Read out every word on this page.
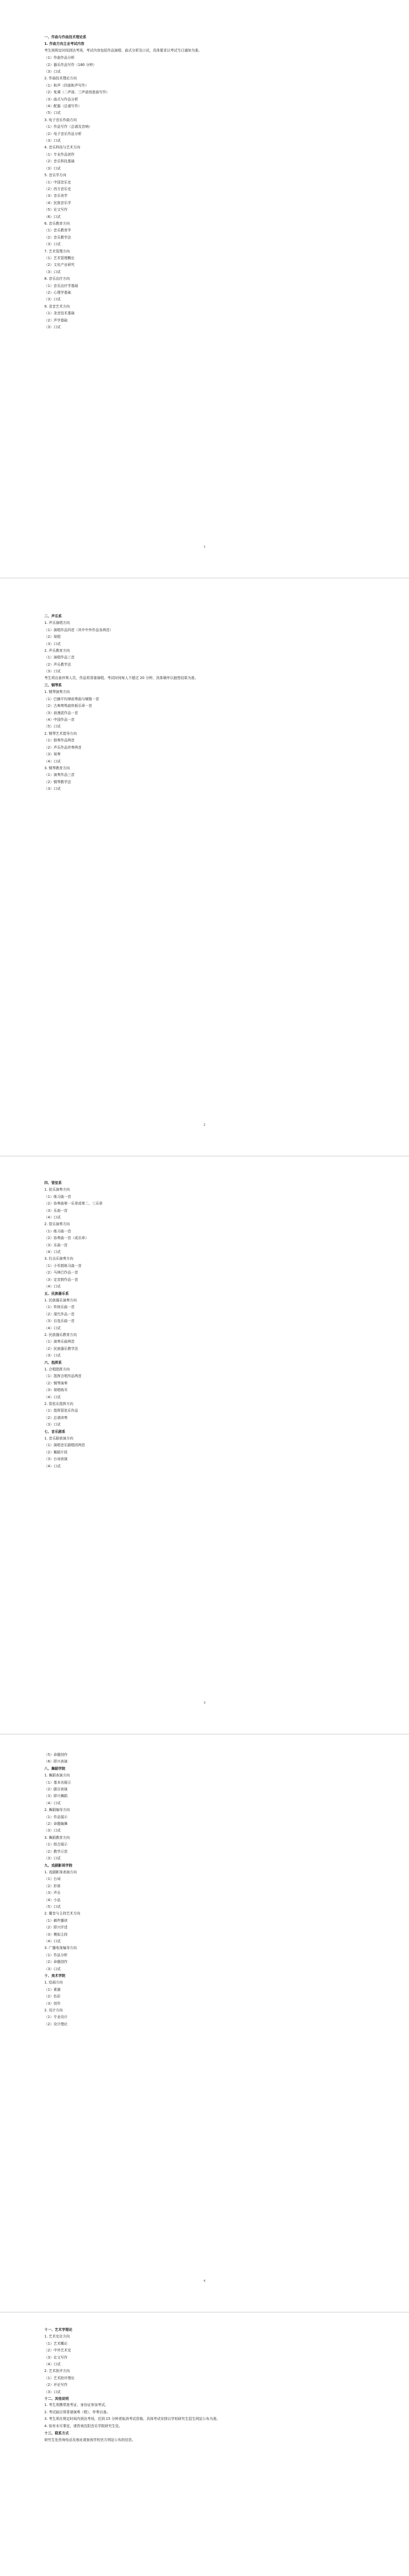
一、作曲与作曲技术理论系
1. 作曲方向主业考试内容
考生按规定时间到达考场，考试内容包括作品演唱、曲式分析及口试，具体要求以考试当日通知为准。
（1）作曲作品分析
（2）器乐作品写作（180 分钟）
（3）口试
2. 作曲技术理论方向
（1）和声（四部和声写作）
（2）复调（二声部、三声部创意曲写作）
（3）曲式与作品分析
（4）配器（总谱写作）
（5）口试
3. 电子音乐作曲方向
（1）作品写作（总谱及音响）
（2）电子音乐作品分析
（3）口试
4. 音乐科技与艺术方向
（1）专业作品创作
（2）音乐科技基础
（3）口试
5. 音乐学方向
（1）中国音乐史
（2）西方音乐史
（3）音乐美学
（4）民族音乐学
（5）论文写作
（6）口试
6. 音乐教育方向
（1）音乐教育学
（2）音乐教学法
（3）口试
7. 艺术管理方向
（1）艺术管理概论
（2）文化产业研究
（3）口试
8. 音乐治疗方向
（1）音乐治疗学基础
（2）心理学基础
（3）口试
9. 录音艺术方向
（1）录音技术基础
（2）声学基础
（3）口试
1
二、声乐系
1. 声乐演唱方向
（1）演唱作品四首（其中中外作品各两首）
（2）视唱
（3）口试
2. 声乐教育方向
（1）演唱作品三首
（2）声乐教学法
（3）口试
考生须自备伴奏人员，作品须背谱演唱。考试时间每人不超过 20 分钟，具体顺序以抽签结果为准。
三、钢琴系
1. 钢琴演奏方向
（1）巴赫平均律前奏曲与赋格一首
（2）古典奏鸣曲快板乐章一首
（3）浪漫派作品一首
（4）中国作品一首
（5）口试
2. 钢琴艺术指导方向
（1）独奏作品两首
（2）声乐作品伴奏两首
（3）视奏
（4）口试
3. 钢琴教育方向
（1）演奏作品三首
（2）钢琴教学法
（3）口试
2
四、管弦系
1. 弦乐演奏方向
（1）练习曲一首
（2）协奏曲第一乐章或第二、三乐章
（3）乐曲一首
（4）口试
2. 管乐演奏方向
（1）练习曲一首
（2）协奏曲一首（或乐章）
（3）乐曲一首
（4）口试
3. 打击乐演奏方向
（1）小军鼓练习曲一首
（2）马林巴作品一首
（3）定音鼓作品一首
（4）口试
五、民族器乐系
1. 民族器乐演奏方向
（1）传统乐曲一首
（2）现代作品一首
（3）自选乐曲一首
（4）口试
2. 民族器乐教育方向
（1）演奏乐曲两首
（2）民族器乐教学法
（3）口试
六、指挥系
1. 合唱指挥方向
（1）指挥合唱作品两首
（2）钢琴演奏
（3）视唱练耳
（4）口试
2. 管弦乐指挥方向
（1）指挥管弦乐作品
（2）总谱读奏
（3）口试
七、音乐剧系
1. 音乐剧表演方向
（1）演唱音乐剧唱段两首
（2）舞蹈片段
（3）台词表演
（4）口试
3
（5）命题创作
（6）即兴表演
八、舞蹈学院
1. 舞蹈表演方向
（1）基本功展示
（2）剧目表演
（3）即兴舞蹈
（4）口试
2. 舞蹈编导方向
（1）作品展示
（2）命题编舞
（3）口试
3. 舞蹈教育方向
（1）组合展示
（2）教学示范
（3）口试
九、戏剧影视学院
1. 戏剧影视表演方向
（1）台词
（2）形体
（3）声乐
（4）小品
（5）口试
2. 播音与主持艺术方向
（1）稿件播读
（2）即兴评述
（3）模拟主持
（4）口试
3. 广播电视编导方向
（1）作品分析
（2）命题创作
（3）口试
十、美术学院
1. 绘画方向
（1）素描
（2）色彩
（3）创作
2. 设计方向
（1）专业设计
（2）设计理论
4
十一、艺术学理论
1. 艺术史论方向
（1）艺术概论
（2）中外艺术史
（3）论文写作
（4）口试
2. 艺术批评方向
（1）艺术批评理论
（2）评论写作
（3）口试
十二、其他说明
1. 考生须携带准考证、身份证参加考试。
2. 考试曲目须背谱演奏（唱），伴奏自备。
3. 考生须在规定时间内到达考场，迟到 15 分钟者取消考试资格。具体考试安排以学校研究生招生网站公布为准。
4. 如有未尽事宜，请咨询沈阳音乐学院研究生处。
十三、联系方式
研究生处咨询电话及地址请查阅学校官方网站公布的信息。
